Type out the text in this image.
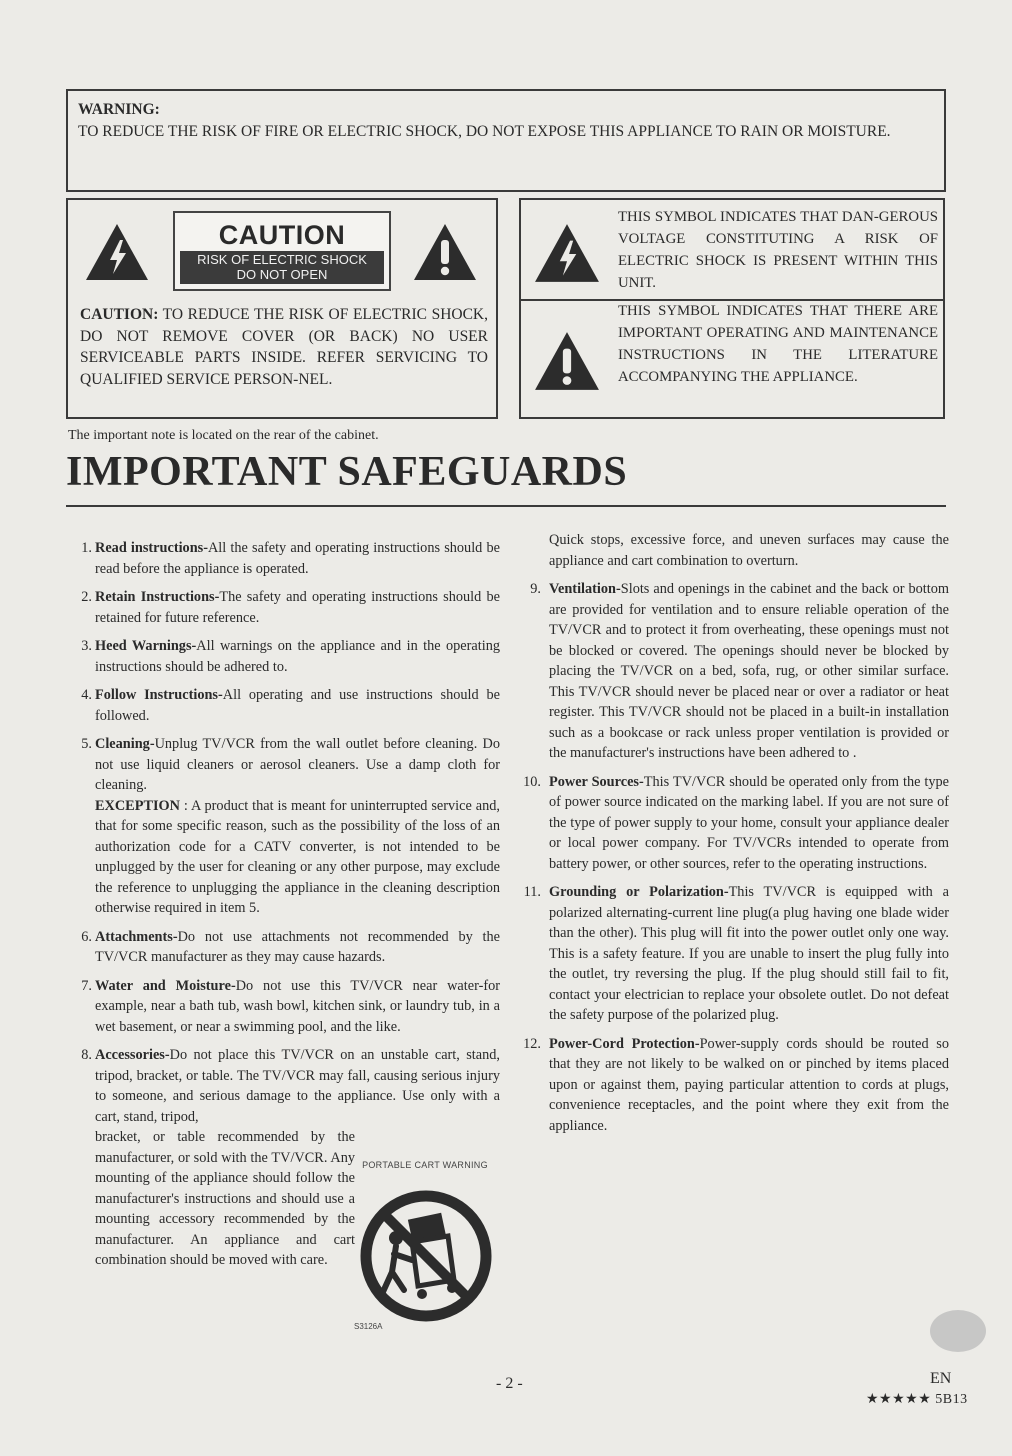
WARNING:
TO REDUCE THE RISK OF FIRE OR ELECTRIC SHOCK, DO NOT EXPOSE THIS APPLIANCE TO RAIN OR MOISTURE.
CAUTION
RISK OF ELECTRIC SHOCK
DO NOT OPEN
CAUTION: TO REDUCE THE RISK OF ELECTRIC SHOCK, DO NOT REMOVE COVER (OR BACK) NO USER SERVICEABLE PARTS INSIDE. REFER SERVICING TO QUALIFIED SERVICE PERSON-NEL.
THIS SYMBOL INDICATES THAT DAN-GEROUS VOLTAGE CONSTITUTING A RISK OF ELECTRIC SHOCK IS PRESENT WITHIN THIS UNIT.
THIS SYMBOL INDICATES THAT THERE ARE IMPORTANT OPERATING AND MAINTENANCE INSTRUCTIONS IN THE LITERATURE ACCOMPANYING THE APPLIANCE.
The important note is located on the rear of the cabinet.
IMPORTANT SAFEGUARDS
1. Read instructions-All the safety and operating instructions should be read before the appliance is operated.
2. Retain Instructions-The safety and operating instructions should be retained for future reference.
3. Heed Warnings-All warnings on the appliance and in the operating instructions should be adhered to.
4. Follow Instructions-All operating and use instructions should be followed.
5. Cleaning-Unplug TV/VCR from the wall outlet before cleaning. Do not use liquid cleaners or aerosol cleaners. Use a damp cloth for cleaning.
EXCEPTION : A product that is meant for uninterrupted service and, that for some specific reason, such as the possibility of the loss of an authorization code for a CATV converter, is not intended to be unplugged by the user for cleaning or any other purpose, may exclude the reference to unplugging the appliance in the cleaning description otherwise required in item 5.
6. Attachments-Do not use attachments not recommended by the TV/VCR manufacturer as they may cause hazards.
7. Water and Moisture-Do not use this TV/VCR near water-for example, near a bath tub, wash bowl, kitchen sink, or laundry tub, in a wet basement, or near a swimming pool, and the like.
8. Accessories-Do not place this TV/VCR on an unstable cart, stand, tripod, bracket, or table. The TV/VCR may fall, causing serious injury to someone, and serious damage to the appliance. Use only with a cart, stand, tripod,
bracket, or table recommended by the manufacturer, or sold with the TV/VCR. Any mounting of the appliance should follow the manufacturer's instructions and should use a mounting accessory recommended by the manufacturer. An appliance and cart combination should be moved with care.
PORTABLE CART WARNING
S3126A
Quick stops, excessive force, and uneven surfaces may cause the appliance and cart combination to overturn.
9. Ventilation-Slots and openings in the cabinet and the back or bottom are provided for ventilation and to ensure reliable operation of the TV/VCR and to protect it from overheating, these openings must not be blocked or covered. The openings should never be blocked by placing the TV/VCR on a bed, sofa, rug, or other similar surface. This TV/VCR should never be placed near or over a radiator or heat register. This TV/VCR should not be placed in a built-in installation such as a bookcase or rack unless proper ventilation is provided or the manufacturer's instructions have been adhered to .
10. Power Sources-This TV/VCR should be operated only from the type of power source indicated on the marking label. If you are not sure of the type of power supply to your home, consult your appliance dealer or local power company. For TV/VCRs intended to operate from battery power, or other sources, refer to the operating instructions.
11. Grounding or Polarization-This TV/VCR is equipped with a polarized alternating-current line plug(a plug having one blade wider than the other). This plug will fit into the power outlet only one way. This is a safety feature. If you are unable to insert the plug fully into the outlet, try reversing the plug. If the plug should still fail to fit, contact your electrician to replace your obsolete outlet. Do not defeat the safety purpose of the polarized plug.
12. Power-Cord Protection-Power-supply cords should be routed so that they are not likely to be walked on or pinched by items placed upon or against them, paying particular attention to cords at plugs, convenience receptacles, and the point where they exit from the appliance.
- 2 -	EN
★★★★★ 5B13
